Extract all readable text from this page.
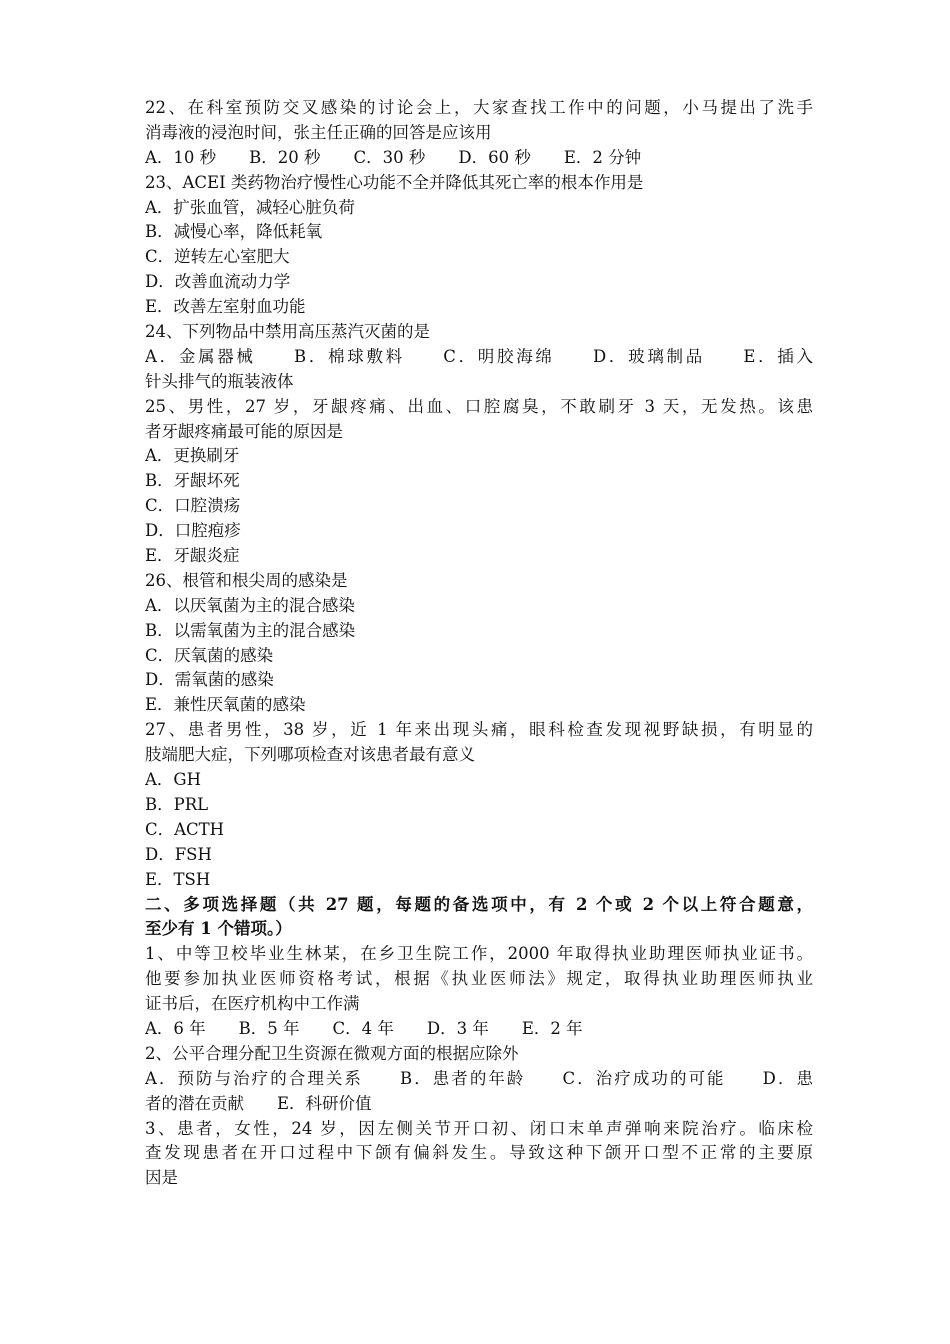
22、在科室预防交叉感染的讨论会上，大家查找工作中的问题，小马提出了洗手
消毒液的浸泡时间，张主任正确的回答是应该用
A．10 秒　　B．20 秒　　C．30 秒　　D．60 秒　　E．2 分钟
23、ACEI 类药物治疗慢性心功能不全并降低其死亡率的根本作用是
A．扩张血管，减轻心脏负荷
B．减慢心率，降低耗氧
C．逆转左心室肥大
D．改善血流动力学
E．改善左室射血功能
24、下列物品中禁用高压蒸汽灭菌的是
A．金属器械　　B．棉球敷料　　C．明胶海绵　　D．玻璃制品　　E．插入
针头排气的瓶装液体
25、男性，27 岁，牙龈疼痛、出血、口腔腐臭，不敢刷牙 3 天，无发热。该患
者牙龈疼痛最可能的原因是
A．更换刷牙
B．牙龈坏死
C．口腔溃疡
D．口腔疱疹
E．牙龈炎症
26、根管和根尖周的感染是
A．以厌氧菌为主的混合感染
B．以需氧菌为主的混合感染
C．厌氧菌的感染
D．需氧菌的感染
E．兼性厌氧菌的感染
27、患者男性，38 岁，近 1 年来出现头痛，眼科检查发现视野缺损，有明显的
肢端肥大症，下列哪项检查对该患者最有意义
A．GH
B．PRL
C．ACTH
D．FSH
E．TSH
二、多项选择题（共 27 题，每题的备选项中，有 2 个或 2 个以上符合题意，
至少有 1 个错项。）
1、中等卫校毕业生林某，在乡卫生院工作，2000 年取得执业助理医师执业证书。
他要参加执业医师资格考试，根据《执业医师法》规定，取得执业助理医师执业
证书后，在医疗机构中工作满
A．6 年　　B．5 年　　C．4 年　　D．3 年　　E．2 年
2、公平合理分配卫生资源在微观方面的根据应除外
A．预防与治疗的合理关系　　B．患者的年龄　　C．治疗成功的可能　　D．患
者的潜在贡献　　E．科研价值
3、患者，女性，24 岁，因左侧关节开口初、闭口末单声弹响来院治疗。临床检
查发现患者在开口过程中下颌有偏斜发生。导致这种下颌开口型不正常的主要原
因是
